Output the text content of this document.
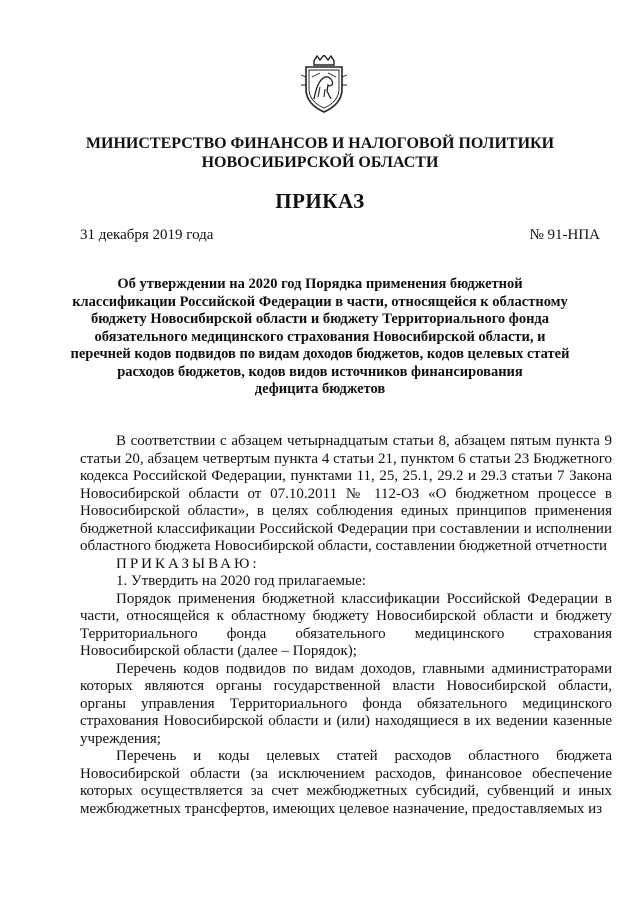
МИНИСТЕРСТВО ФИНАНСОВ И НАЛОГОВОЙ ПОЛИТИКИ
НОВОСИБИРСКОЙ ОБЛАСТИ
ПРИКАЗ
31 декабря 2019 года	№ 91-НПА
Об утверждении на 2020 год Порядка применения бюджетной
классификации Российской Федерации в части, относящейся к областному
бюджету Новосибирской области и бюджету Территориального фонда
обязательного медицинского страхования Новосибирской области, и
перечней кодов подвидов по видам доходов бюджетов, кодов целевых статей
расходов бюджетов, кодов видов источников финансирования
дефицита бюджетов

В соответствии с абзацем четырнадцатым статьи 8, абзацем пятым пункта 9 статьи 20, абзацем четвертым пункта 4 статьи 21, пунктом 6 статьи 23 Бюджетного кодекса Российской Федерации, пунктами 11, 25, 25.1, 29.2 и 29.3 статьи 7 Закона Новосибирской области от 07.10.2011 № 112-ОЗ «О бюджетном процессе в Новосибирской области», в целях соблюдения единых принципов применения бюджетной классификации Российской Федерации при составлении и исполнении областного бюджета Новосибирской области, составлении бюджетной отчетности

ПРИКАЗЫВАЮ:

1. Утвердить на 2020 год прилагаемые:

Порядок применения бюджетной классификации Российской Федерации в части, относящейся к областному бюджету Новосибирской области и бюджету Территориального фонда обязательного медицинского страхования Новосибирской области (далее – Порядок);

Перечень кодов подвидов по видам доходов, главными администраторами которых являются органы государственной власти Новосибирской области, органы управления Территориального фонда обязательного медицинского страхования Новосибирской области и (или) находящиеся в их ведении казенные учреждения;

Перечень и коды целевых статей расходов областного бюджета Новосибирской области (за исключением расходов, финансовое обеспечение которых осуществляется за счет межбюджетных субсидий, субвенций и иных межбюджетных трансфертов, имеющих целевое назначение, предоставляемых из
